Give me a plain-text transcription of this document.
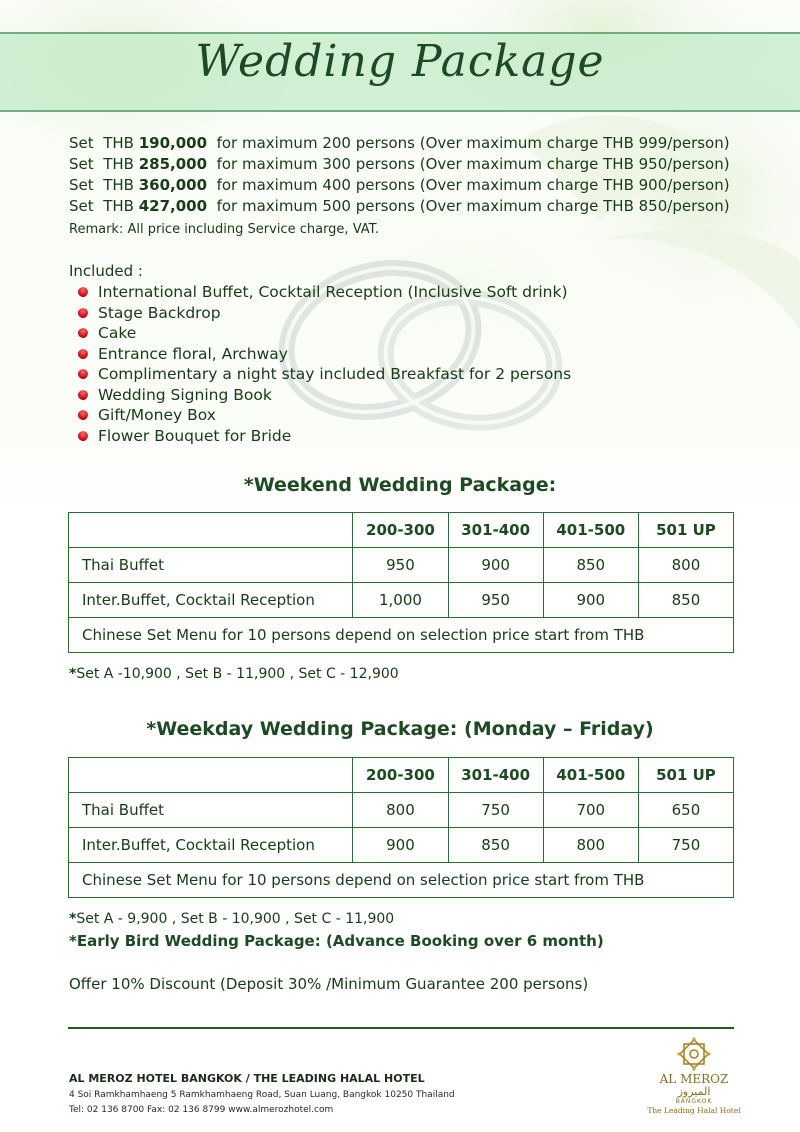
Wedding Package
Set THB 190,000 for maximum 200 persons (Over maximum charge THB 999/person)
Set THB 285,000 for maximum 300 persons (Over maximum charge THB 950/person)
Set THB 360,000 for maximum 400 persons (Over maximum charge THB 900/person)
Set THB 427,000 for maximum 500 persons (Over maximum charge THB 850/person)
Remark: All price including Service charge, VAT.
Included :
International Buffet, Cocktail Reception (Inclusive Soft drink)
Stage Backdrop
Cake
Entrance floral, Archway
Complimentary a night stay included Breakfast for 2 persons
Wedding Signing Book
Gift/Money Box
Flower Bouquet for Bride
*Weekend Wedding Package:
	200-300	301-400	401-500	501 UP
Thai Buffet	950	900	850	800
Inter.Buffet, Cocktail Reception	1,000	950	900	850
Chinese Set Menu for 10 persons depend on selection price start from THB				
*Set A -10,900 , Set B - 11,900 , Set C - 12,900
*Weekday Wedding Package: (Monday – Friday)
	200-300	301-400	401-500	501 UP
Thai Buffet	800	750	700	650
Inter.Buffet, Cocktail Reception	900	850	800	750
Chinese Set Menu for 10 persons depend on selection price start from THB				
*Set A - 9,900 , Set B - 10,900 , Set C - 11,900
*Early Bird Wedding Package: (Advance Booking over 6 month)
Offer 10% Discount (Deposit 30% /Minimum Guarantee 200 persons)
AL MEROZ HOTEL BANGKOK / THE LEADING HALAL HOTEL
4 Soi Ramkhamhaeng 5 Ramkhamhaeng Road, Suan Luang, Bangkok 10250 Thailand
Tel: 02 136 8700 Fax: 02 136 8799 www.almerozhotel.com
AL MEROZ
الميروز
BANGKOK
The Leading Halal Hotel
